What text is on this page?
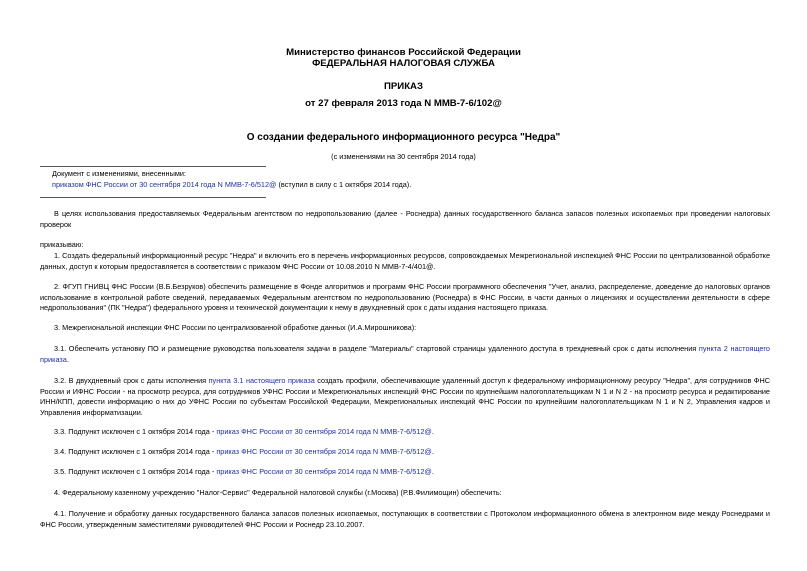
Министерство финансов Российской Федерации
ФЕДЕРАЛЬНАЯ НАЛОГОВАЯ СЛУЖБА
ПРИКАЗ
от 27 февраля 2013 года N ММВ-7-6/102@
О создании федерального информационного ресурса "Недра"
(с изменениями на 30 сентября 2014 года)
Документ с изменениями, внесенными:
приказом ФНС России от 30 сентября 2014 года N ММВ-7-6/512@ (вступил в силу с 1 октября 2014 года).
В целях использования предоставляемых Федеральным агентством по недропользованию (далее - Роснедра) данных государственного баланса запасов полезных ископаемых при проведении налоговых проверок
приказываю:
1. Создать федеральный информационный ресурс "Недра" и включить его в перечень информационных ресурсов, сопровождаемых Межрегиональной инспекцией ФНС России по централизованной обработке данных, доступ к которым предоставляется в соответствии с приказом ФНС России от 10.08.2010 N ММВ-7-4/401@.
2. ФГУП ГНИВЦ ФНС России (В.Б.Безруков) обеспечить размещение в Фонде алгоритмов и программ ФНС России программного обеспечения "Учет, анализ, распределение, доведение до налоговых органов использование в контрольной работе сведений, передаваемых Федеральным агентством по недропользованию (Роснедра) в ФНС России, в части данных о лицензиях и осуществлении деятельности в сфере недропользования" (ПК "Недра") федерального уровня и технической документации к нему в двухдневный срок с даты издания настоящего приказа.
3. Межрегиональной инспекции ФНС России по централизованной обработке данных (И.А.Мирошникова):
3.1. Обеспечить установку ПО и размещение руководства пользователя задачи в разделе "Материалы" стартовой страницы удаленного доступа в трехдневный срок с даты исполнения пункта 2 настоящего приказа.
3.2. В двухдневный срок с даты исполнения пункта 3.1 настоящего приказа создать профили, обеспечивающие удаленный доступ к федеральному информационному ресурсу "Недра", для сотрудников ФНС России и ИФНС России - на просмотр ресурса, для сотрудников УФНС России и Межрегиональных инспекций ФНС России по крупнейшим налогоплательщикам N 1 и N 2 - на просмотр ресурса и редактирование ИНН/КПП, довести информацию о них до УФНС России по субъектам Российской Федерации, Межрегиональных инспекций ФНС России по крупнейшим налогоплательщикам N 1 и N 2, Управления кадров и Управления информатизации.
3.3. Подпункт исключен с 1 октября 2014 года - приказ ФНС России от 30 сентября 2014 года N ММВ-7-6/512@.
3.4. Подпункт исключен с 1 октября 2014 года - приказ ФНС России от 30 сентября 2014 года N ММВ-7-6/512@.
3.5. Подпункт исключен с 1 октября 2014 года - приказ ФНС России от 30 сентября 2014 года N ММВ-7-6/512@.
4. Федеральному казенному учреждению "Налог-Сервис" Федеральной налоговой службы (г.Москва) (Р.В.Филимощин) обеспечить:
4.1. Получение и обработку данных государственного баланса запасов полезных ископаемых, поступающих в соответствии с Протоколом информационного обмена в электронном виде между Роснедрами и ФНС России, утвержденным заместителями руководителей ФНС России и Роснедр 23.10.2007.
